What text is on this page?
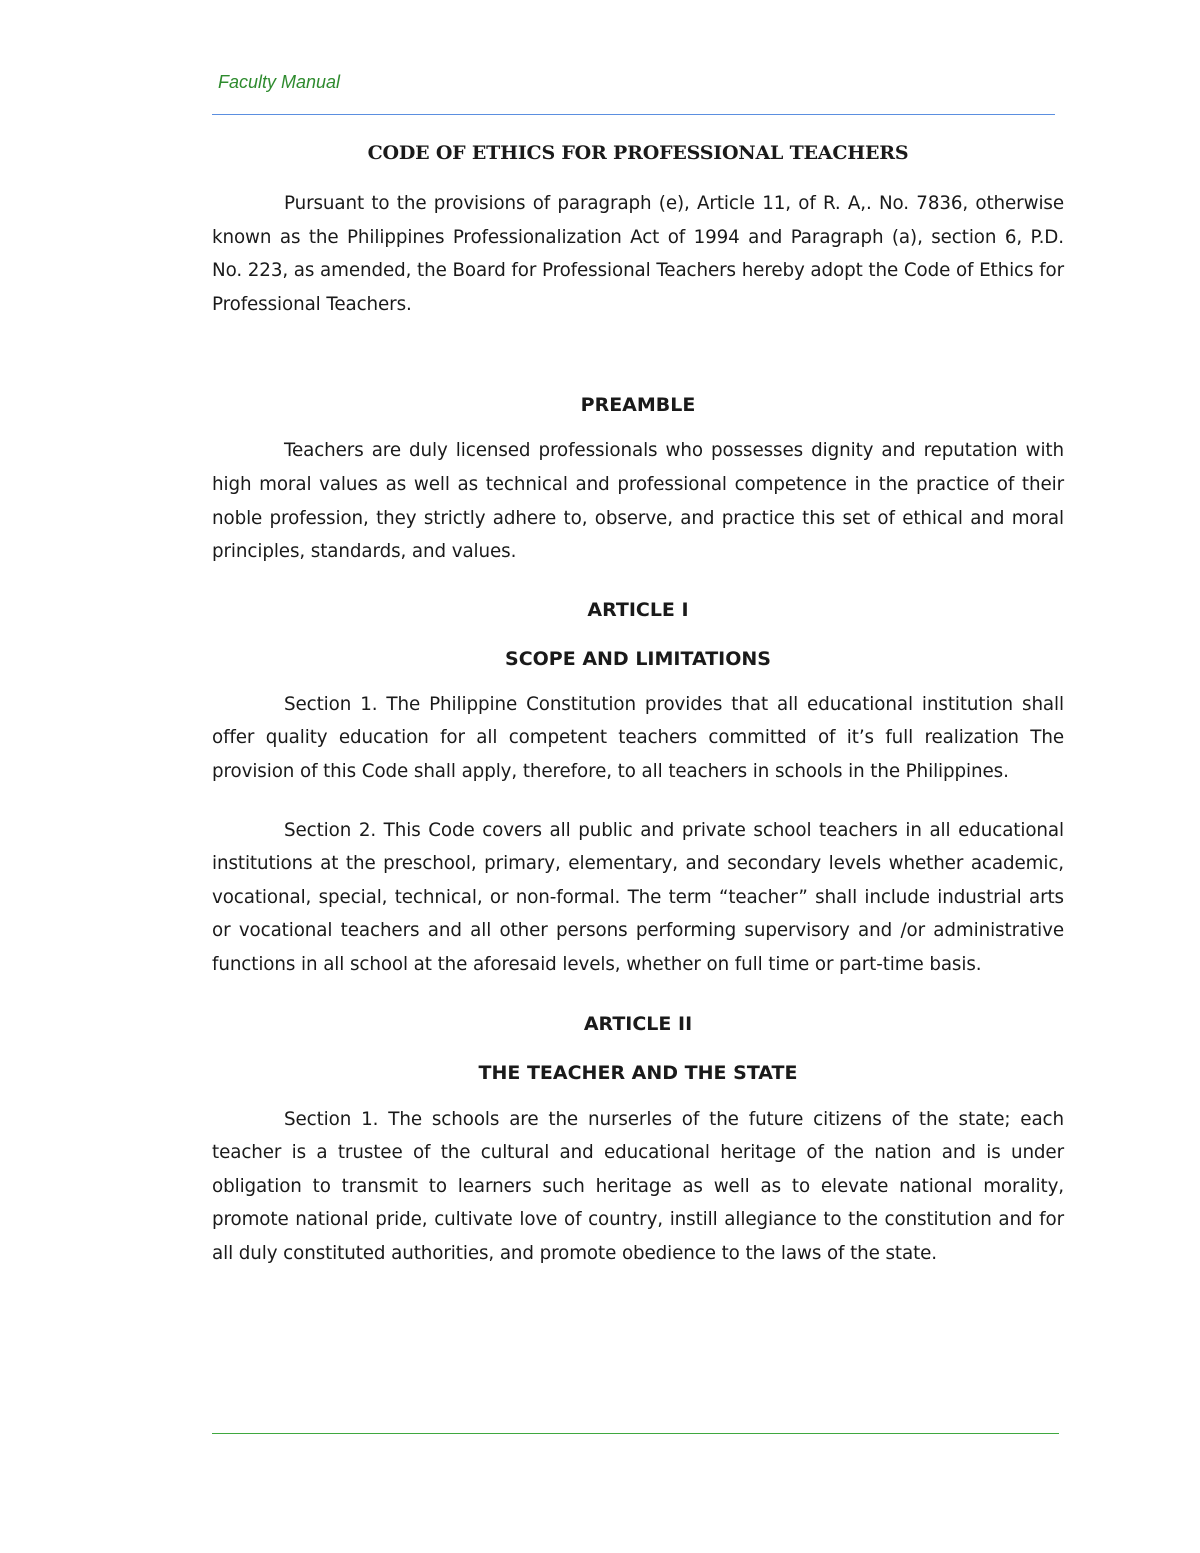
Faculty Manual
CODE OF ETHICS FOR PROFESSIONAL TEACHERS

Pursuant to the provisions of paragraph (e), Article 11, of R. A,. No. 7836, otherwise known as the Philippines Professionalization Act of 1994 and Paragraph (a), section 6, P.D. No. 223, as amended, the Board for Professional Teachers hereby adopt the Code of Ethics for Professional Teachers.

PREAMBLE

Teachers are duly licensed professionals who possesses dignity and reputation with high moral values as well as technical and professional competence in the practice of their noble profession, they strictly adhere to, observe, and practice this set of ethical and moral principles, standards, and values.

ARTICLE I
SCOPE AND LIMITATIONS

Section 1. The Philippine Constitution provides that all educational institution shall offer quality education for all competent teachers committed of it’s full realization The provision of this Code shall apply, therefore, to all teachers in schools in the Philippines.

Section 2. This Code covers all public and private school teachers in all educational institutions at the preschool, primary, elementary, and secondary levels whether academic, vocational, special, technical, or non-formal. The term “teacher” shall include industrial arts or vocational teachers and all other persons performing supervisory and /or administrative functions in all school at the aforesaid levels, whether on full time or part-time basis.

ARTICLE II
THE TEACHER AND THE STATE

Section 1. The schools are the nurserles of the future citizens of the state; each teacher is a trustee of the cultural and educational heritage of the nation and is under obligation to transmit to learners such heritage as well as to elevate national morality, promote national pride, cultivate love of country, instill allegiance to the constitution and for all duly constituted authorities, and promote obedience to the laws of the state.
